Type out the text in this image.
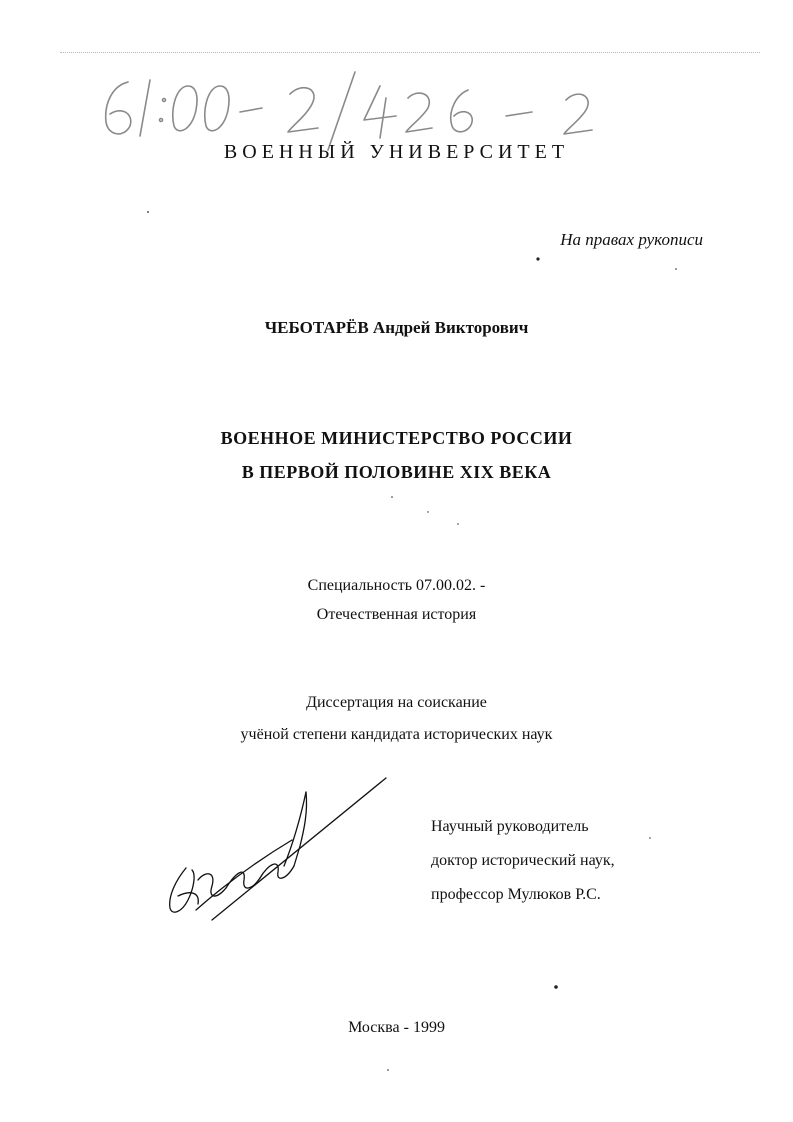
ВОЕННЫЙ УНИВЕРСИТЕТ
На правах рукописи
ЧЕБОТАРЁВ Андрей Викторович
ВОЕННОЕ МИНИСТЕРСТВО РОССИИ
В ПЕРВОЙ ПОЛОВИНЕ XIX ВЕКА
Специальность 07.00.02. -
Отечественная история
Диссертация на соискание
учёной степени кандидата исторических наук
Научный руководитель
доктор исторический наук,
профессор Мулюков Р.С.
Москва - 1999
